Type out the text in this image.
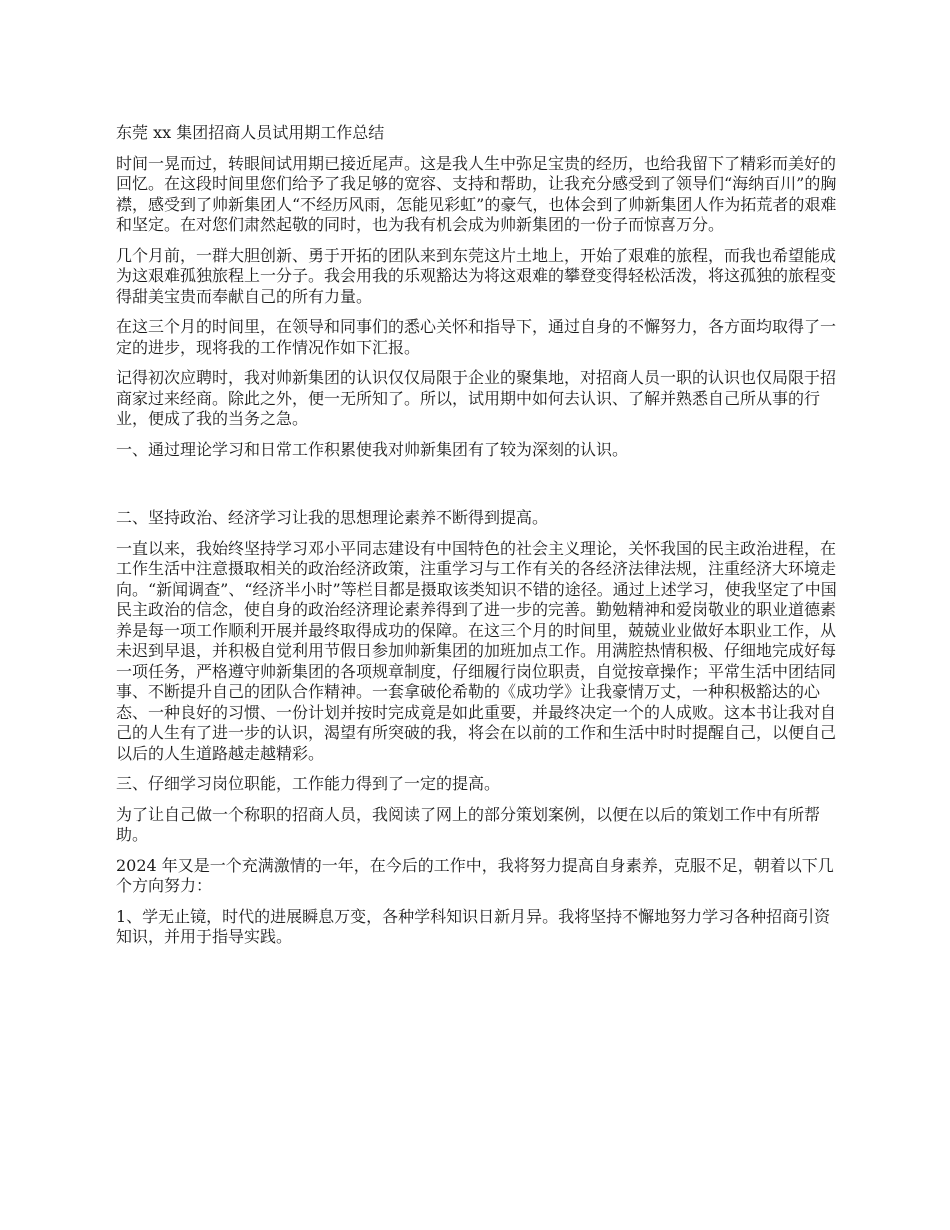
东莞 xx 集团招商人员试用期工作总结

时间一晃而过，转眼间试用期已接近尾声。这是我人生中弥足宝贵的经历，也给我留下了精彩而美好的回忆。在这段时间里您们给予了我足够的宽容、支持和帮助，让我充分感受到了领导们“海纳百川”的胸襟，感受到了帅新集团人“不经历风雨，怎能见彩虹”的豪气，也体会到了帅新集团人作为拓荒者的艰难和坚定。在对您们肃然起敬的同时，也为我有机会成为帅新集团的一份子而惊喜万分。

几个月前，一群大胆创新、勇于开拓的团队来到东莞这片土地上，开始了艰难的旅程，而我也希望能成为这艰难孤独旅程上一分子。我会用我的乐观豁达为将这艰难的攀登变得轻松活泼，将这孤独的旅程变得甜美宝贵而奉献自己的所有力量。

在这三个月的时间里，在领导和同事们的悉心关怀和指导下，通过自身的不懈努力，各方面均取得了一定的进步，现将我的工作情况作如下汇报。

记得初次应聘时，我对帅新集团的认识仅仅局限于企业的聚集地，对招商人员一职的认识也仅局限于招商家过来经商。除此之外，便一无所知了。所以，试用期中如何去认识、了解并熟悉自己所从事的行业，便成了我的当务之急。

一、通过理论学习和日常工作积累使我对帅新集团有了较为深刻的认识。

二、坚持政治、经济学习让我的思想理论素养不断得到提高。

一直以来，我始终坚持学习邓小平同志建设有中国特色的社会主义理论，关怀我国的民主政治进程，在工作生活中注意摄取相关的政治经济政策，注重学习与工作有关的各经济法律法规，注重经济大环境走向。“新闻调查”、“经济半小时”等栏目都是摄取该类知识不错的途径。通过上述学习，使我坚定了中国民主政治的信念，使自身的政治经济理论素养得到了进一步的完善。勤勉精神和爱岗敬业的职业道德素养是每一项工作顺利开展并最终取得成功的保障。在这三个月的时间里，兢兢业业做好本职业工作，从未迟到早退，并积极自觉利用节假日参加帅新集团的加班加点工作。用满腔热情积极、仔细地完成好每一项任务，严格遵守帅新集团的各项规章制度，仔细履行岗位职责，自觉按章操作；平常生活中团结同事、不断提升自己的团队合作精神。一套拿破伦希勒的《成功学》让我豪情万丈，一种积极豁达的心态、一种良好的习惯、一份计划并按时完成竟是如此重要，并最终决定一个的人成败。这本书让我对自己的人生有了进一步的认识，渴望有所突破的我，将会在以前的工作和生活中时时提醒自己，以便自己以后的人生道路越走越精彩。

三、仔细学习岗位职能，工作能力得到了一定的提高。

为了让自己做一个称职的招商人员，我阅读了网上的部分策划案例，以便在以后的策划工作中有所帮助。

2024 年又是一个充满激情的一年，在今后的工作中，我将努力提高自身素养，克服不足，朝着以下几个方向努力：

1、学无止镜，时代的进展瞬息万变，各种学科知识日新月异。我将坚持不懈地努力学习各种招商引资知识，并用于指导实践。
